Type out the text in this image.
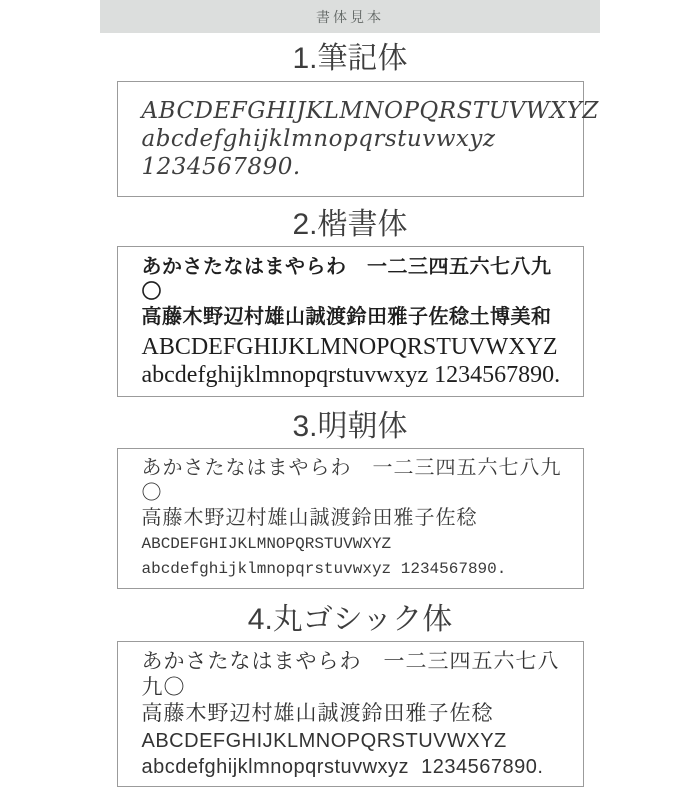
書体見本
1.筆記体

ABCDEFGHIJKLMNOPQRSTUVWXYZ

abcdefghijklmnopqrstuvwxyz 1234567890.

2.楷書体

あかさたなはまやらわ　一二三四五六七八九〇

高藤木野辺村雄山誠渡鈴田雅子佐稔土博美和

ABCDEFGHIJKLMNOPQRSTUVWXYZ

abcdefghijklmnopqrstuvwxyz 1234567890.

3.明朝体

あかさたなはまやらわ　一二三四五六七八九〇

高藤木野辺村雄山誠渡鈴田雅子佐稔

ABCDEFGHIJKLMNOPQRSTUVWXYZ

abcdefghijklmnopqrstuvwxyz 1234567890.

4.丸ゴシック体

あかさたなはまやらわ　一二三四五六七八九〇

高藤木野辺村雄山誠渡鈴田雅子佐稔

ABCDEFGHIJKLMNOPQRSTUVWXYZ

abcdefghijklmnopqrstuvwxyz  1234567890.
